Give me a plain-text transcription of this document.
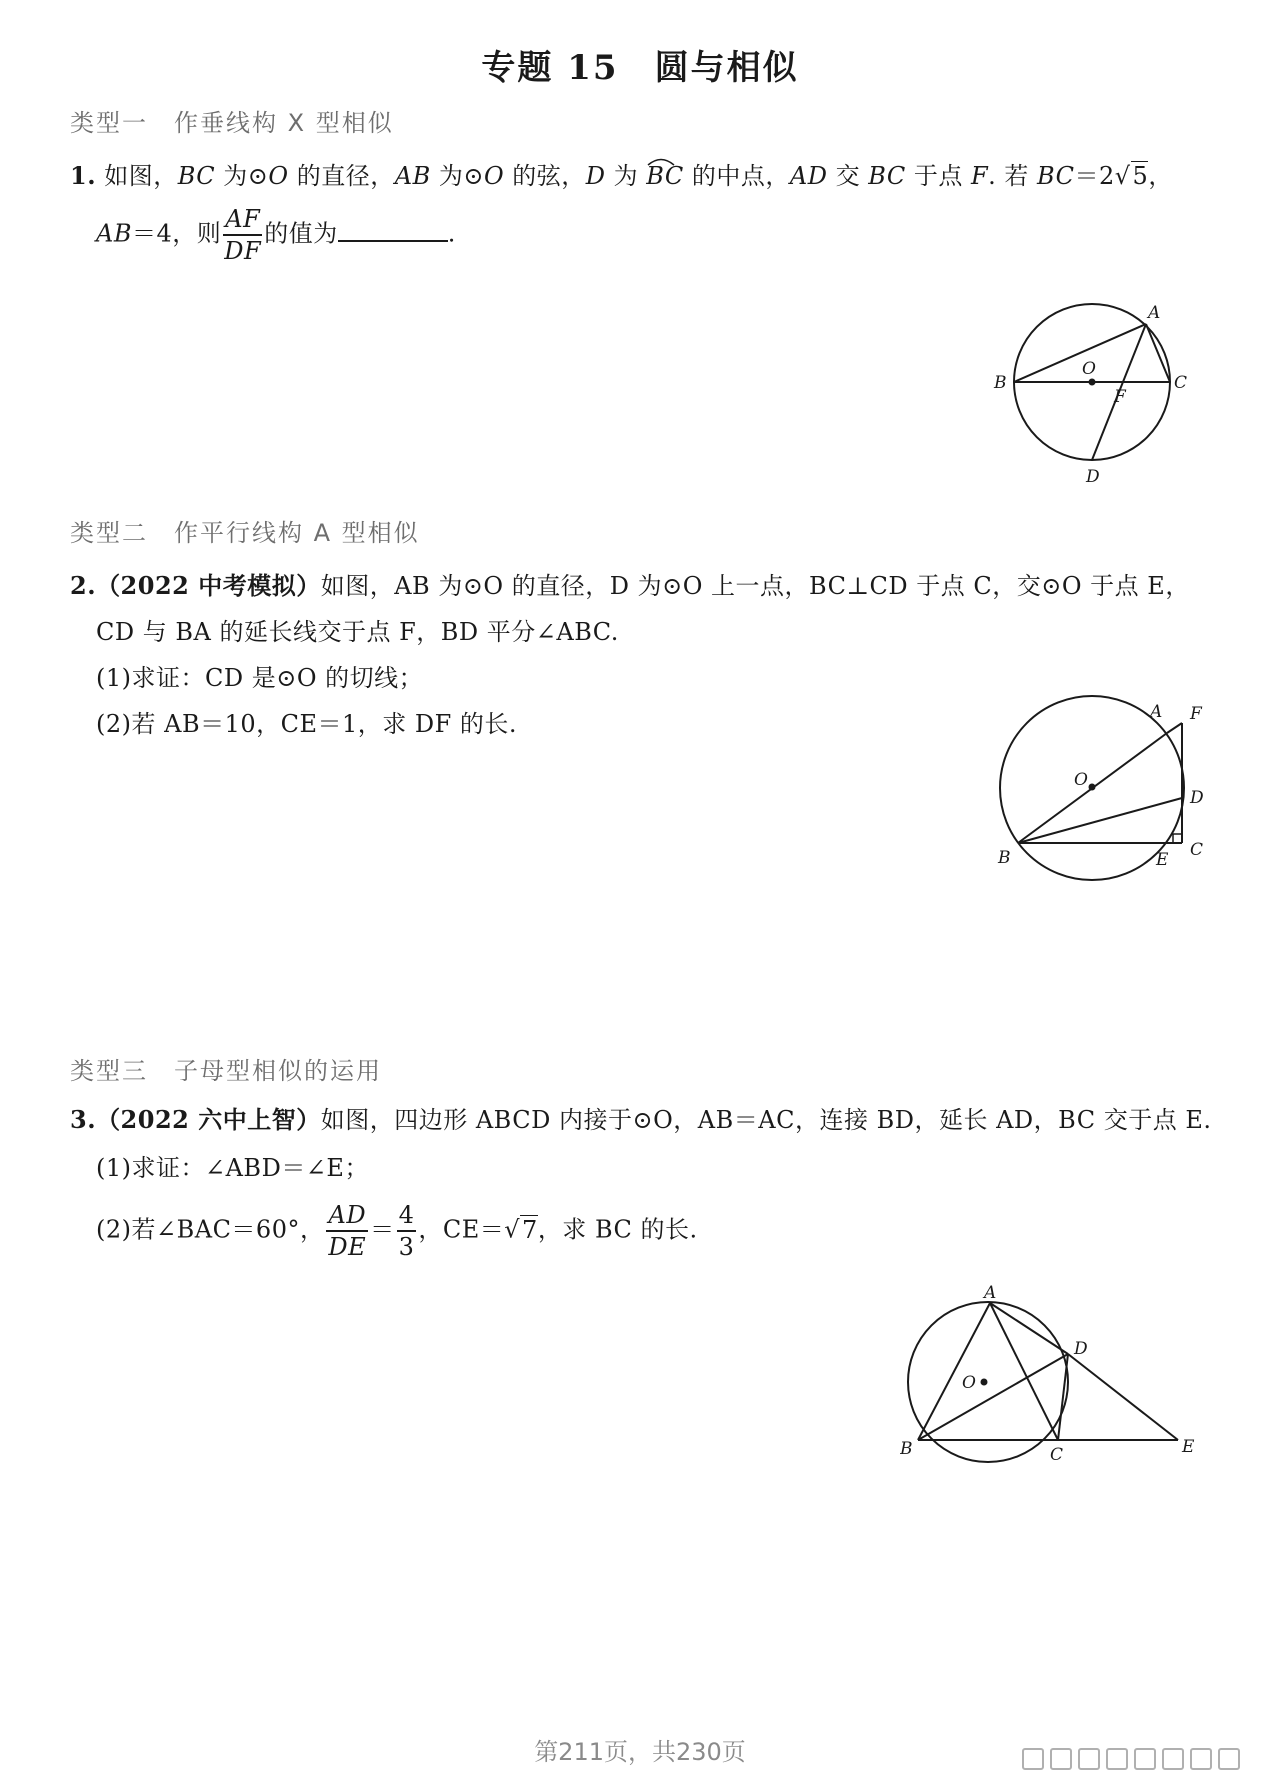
专题 15　圆与相似
类型一　作垂线构 X 型相似
1. 如图，BC 为⊙O 的直径，AB 为⊙O 的弦，D 为 BC
的中点，AD 交 BC 于点 F. 若 BC＝2√5，
AB＝4，则 $\frac{AF}{DF}$ 的值为	.
A
B	C
O
F
D
类型二　作平行线构 A 型相似
2.（2022 中考模拟）如图，AB 为⊙O 的直径，D 为⊙O 上一点，BC⊥CD 于点 C，交⊙O 于点 E，
CD 与 BA 的延长线交于点 F，BD 平分∠ABC.
(1)求证：CD 是⊙O 的切线；
(2)若 AB＝10，CE＝1，求 DF 的长.	A F
O
D
B	E C
类型三　子母型相似的运用
3.（2022 六中上智）如图，四边形 ABCD 内接于⊙O，AB＝AC，连接 BD，延长 AD，BC 交于点 E.
(1)求证：∠ABD＝∠E；
(2)若∠BAC＝60°， $\frac{AD}{DE} = \frac{4}{3}$ ，CE＝√7，求 BC 的长.
A
D
O
B	C	E
第211页，共230页
